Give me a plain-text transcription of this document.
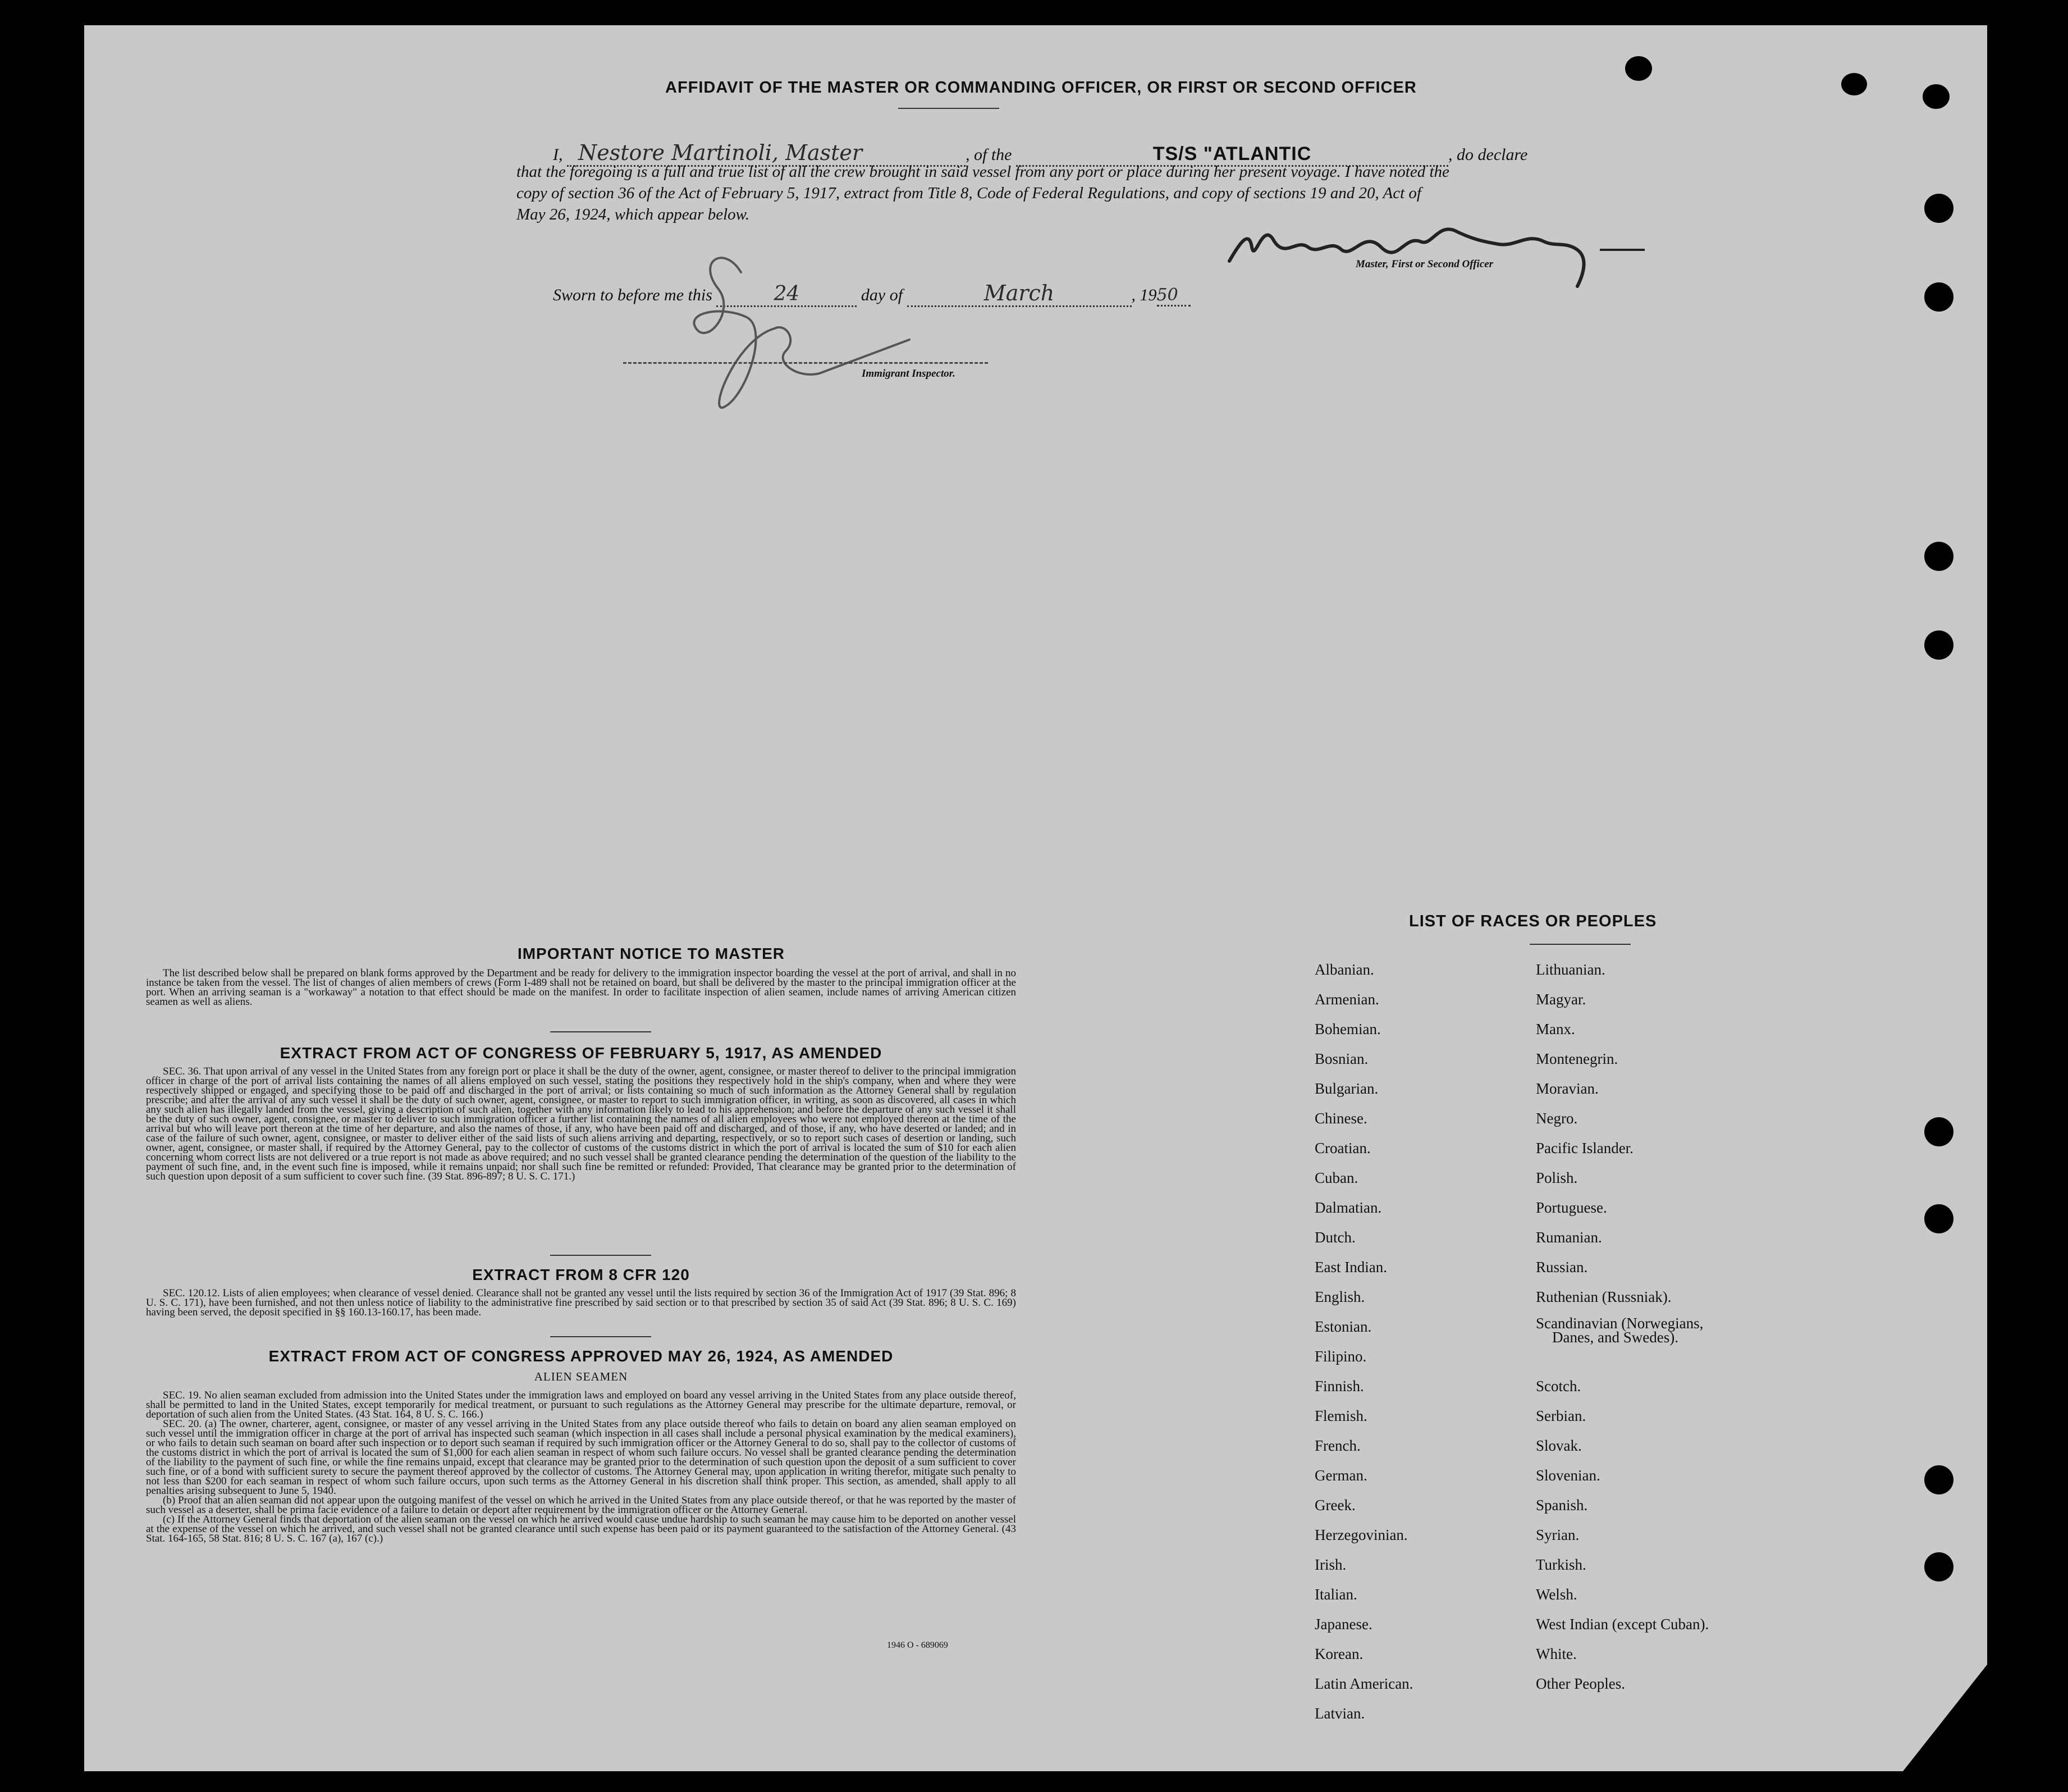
AFFIDAVIT OF THE MASTER OR COMMANDING OFFICER, OR FIRST OR SECOND OFFICER
I, Nestore Martinoli, Master	, of the	TS/S "ATLANTIC	, do declare
that the foregoing is a full and true list of all the crew brought in said vessel from any port or place during her present voyage. I have noted the
copy of section 36 of the Act of February 5, 1917, extract from Title 8, Code of Federal Regulations, and copy of sections 19 and 20, Act of
May 26, 1924, which appear below.
Master, First or Second Officer
Sworn to before me this	24	day of	March	, 1950
Immigrant Inspector.
IMPORTANT NOTICE TO MASTER

The list described below shall be prepared on blank forms approved by the Department and be ready for delivery to the immigration inspector boarding the vessel at the port of arrival, and shall in no instance be taken from the vessel. The list of changes of alien members of crews (Form I-489 shall not be retained on board, but shall be delivered by the master to the principal immigration officer at the port. When an arriving seaman is a "workaway" a notation to that effect should be made on the manifest. In order to facilitate inspection of alien seamen, include names of arriving American citizen seamen as well as aliens.

EXTRACT FROM ACT OF CONGRESS OF FEBRUARY 5, 1917, AS AMENDED

SEC. 36. That upon arrival of any vessel in the United States from any foreign port or place it shall be the duty of the owner, agent, consignee, or master thereof to deliver to the principal immigration officer in charge of the port of arrival lists containing the names of all aliens employed on such vessel, stating the positions they respectively hold in the ship's company, when and where they were respectively shipped or engaged, and specifying those to be paid off and discharged in the port of arrival; or lists containing so much of such information as the Attorney General shall by regulation prescribe; and after the arrival of any such vessel it shall be the duty of such owner, agent, consignee, or master to report to such immigration officer, in writing, as soon as discovered, all cases in which any such alien has illegally landed from the vessel, giving a description of such alien, together with any information likely to lead to his apprehension; and before the departure of any such vessel it shall be the duty of such owner, agent, consignee, or master to deliver to such immigration officer a further list containing the names of all alien employees who were not employed thereon at the time of the arrival but who will leave port thereon at the time of her departure, and also the names of those, if any, who have been paid off and discharged, and of those, if any, who have deserted or landed; and in case of the failure of such owner, agent, consignee, or master to deliver either of the said lists of such aliens arriving and departing, respectively, or so to report such cases of desertion or landing, such owner, agent, consignee, or master shall, if required by the Attorney General, pay to the collector of customs of the customs district in which the port of arrival is located the sum of $10 for each alien concerning whom correct lists are not delivered or a true report is not made as above required; and no such vessel shall be granted clearance pending the determination of the question of the liability to the payment of such fine, and, in the event such fine is imposed, while it remains unpaid; nor shall such fine be remitted or refunded: Provided, That clearance may be granted prior to the determination of such question upon deposit of a sum sufficient to cover such fine. (39 Stat. 896-897; 8 U. S. C. 171.)

EXTRACT FROM 8 CFR 120

SEC. 120.12. Lists of alien employees; when clearance of vessel denied. Clearance shall not be granted any vessel until the lists required by section 36 of the Immigration Act of 1917 (39 Stat. 896; 8 U. S. C. 171), have been furnished, and not then unless notice of liability to the administrative fine prescribed by said section or to that prescribed by section 35 of said Act (39 Stat. 896; 8 U. S. C. 169) having been served, the deposit specified in §§ 160.13-160.17, has been made.

EXTRACT FROM ACT OF CONGRESS APPROVED MAY 26, 1924, AS AMENDED
ALIEN SEAMEN

SEC. 19. No alien seaman excluded from admission into the United States under the immigration laws and employed on board any vessel arriving in the United States from any place outside thereof, shall be permitted to land in the United States, except temporarily for medical treatment, or pursuant to such regulations as the Attorney General may prescribe for the ultimate departure, removal, or deportation of such alien from the United States. (43 Stat. 164, 8 U. S. C. 166.)

SEC. 20. (a) The owner, charterer, agent, consignee, or master of any vessel arriving in the United States from any place outside thereof who fails to detain on board any alien seaman employed on such vessel until the immigration officer in charge at the port of arrival has inspected such seaman (which inspection in all cases shall include a personal physical examination by the medical examiners), or who fails to detain such seaman on board after such inspection or to deport such seaman if required by such immigration officer or the Attorney General to do so, shall pay to the collector of customs of the customs district in which the port of arrival is located the sum of $1,000 for each alien seaman in respect of whom such failure occurs. No vessel shall be granted clearance pending the determination of the liability to the payment of such fine, or while the fine remains unpaid, except that clearance may be granted prior to the determination of such question upon the deposit of a sum sufficient to cover such fine, or of a bond with sufficient surety to secure the payment thereof approved by the collector of customs. The Attorney General may, upon application in writing therefor, mitigate such penalty to not less than $200 for each seaman in respect of whom such failure occurs, upon such terms as the Attorney General in his discretion shall think proper. This section, as amended, shall apply to all penalties arising subsequent to June 5, 1940.

(b) Proof that an alien seaman did not appear upon the outgoing manifest of the vessel on which he arrived in the United States from any place outside thereof, or that he was reported by the master of such vessel as a deserter, shall be prima facie evidence of a failure to detain or deport after requirement by the immigration officer or the Attorney General.

(c) If the Attorney General finds that deportation of the alien seaman on the vessel on which he arrived would cause undue hardship to such seaman he may cause him to be deported on another vessel at the expense of the vessel on which he arrived, and such vessel shall not be granted clearance until such expense has been paid or its payment guaranteed to the satisfaction of the Attorney General. (43 Stat. 164-165, 58 Stat. 816; 8 U. S. C. 167 (a), 167 (c).)

1946 O - 689069
LIST OF RACES OR PEOPLES
Albanian.
Armenian.
Bohemian.
Bosnian.
Bulgarian.
Chinese.
Croatian.
Cuban.
Dalmatian.
Dutch.
East Indian.
English.
Estonian.
Filipino.
Finnish.
Flemish.
French.
German.
Greek.
Herzegovinian.
Irish.
Italian.
Japanese.
Korean.
Latin American.
Latvian.
Lithuanian.
Magyar.
Manx.
Montenegrin.
Moravian.
Negro.
Pacific Islander.
Polish.
Portuguese.
Rumanian.
Russian.
Ruthenian (Russniak).
Scandinavian (Norwegians,
Danes, and Swedes).
Scotch.
Serbian.
Slovak.
Slovenian.
Spanish.
Syrian.
Turkish.
Welsh.
West Indian (except Cuban).
White.
Other Peoples.
